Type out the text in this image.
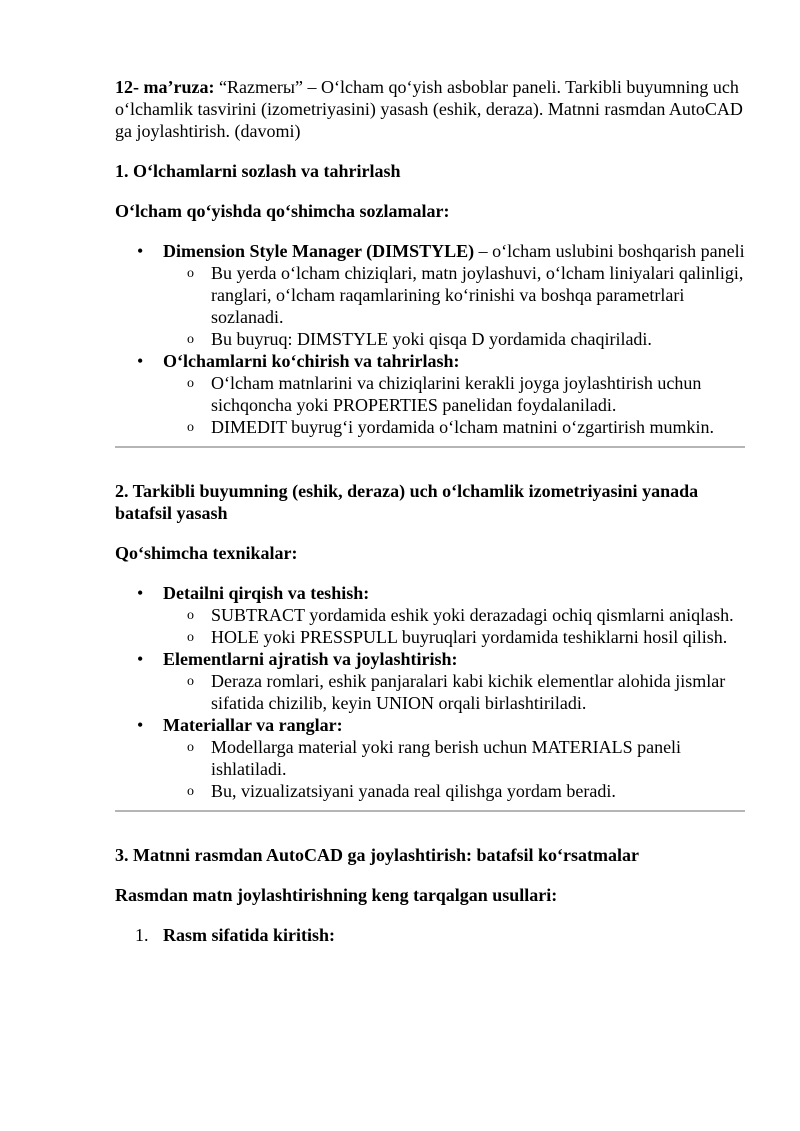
12- ma’ruza: “Razmerы” – O‘lcham qo‘yish asboblar paneli. Tarkibli buyumning uch o‘lchamlik tasvirini (izometriyasini) yasash (eshik, deraza). Matnni rasmdan AutoCAD ga joylashtirish. (davomi)

1. O‘lchamlarni sozlash va tahrirlash

O‘lcham qo‘yishda qo‘shimcha sozlamalar:

• Dimension Style Manager (DIMSTYLE) – o‘lcham uslubini boshqarish paneli
o Bu yerda o‘lcham chiziqlari, matn joylashuvi, o‘lcham liniyalari qalinligi, ranglari, o‘lcham raqamlarining ko‘rinishi va boshqa parametrlari sozlanadi.
o Bu buyruq: DIMSTYLE yoki qisqa D yordamida chaqiriladi.
• O‘lchamlarni ko‘chirish va tahrirlash:
o O‘lcham matnlarini va chiziqlarini kerakli joyga joylashtirish uchun sichqoncha yoki PROPERTIES panelidan foydalaniladi.
o DIMEDIT buyrug‘i yordamida o‘lcham matnini o‘zgartirish mumkin.

2. Tarkibli buyumning (eshik, deraza) uch o‘lchamlik izometriyasini yanada batafsil yasash

Qo‘shimcha texnikalar:

• Detailni qirqish va teshish:
o SUBTRACT yordamida eshik yoki derazadagi ochiq qismlarni aniqlash.
o HOLE yoki PRESSPULL buyruqlari yordamida teshiklarni hosil qilish.
• Elementlarni ajratish va joylashtirish:
o Deraza romlari, eshik panjaralari kabi kichik elementlar alohida jismlar sifatida chizilib, keyin UNION orqali birlashtiriladi.
• Materiallar va ranglar:
o Modellarga material yoki rang berish uchun MATERIALS paneli ishlatiladi.
o Bu, vizualizatsiyani yanada real qilishga yordam beradi.

3. Matnni rasmdan AutoCAD ga joylashtirish: batafsil ko‘rsatmalar

Rasmdan matn joylashtirishning keng tarqalgan usullari:

1. Rasm sifatida kiritish:
